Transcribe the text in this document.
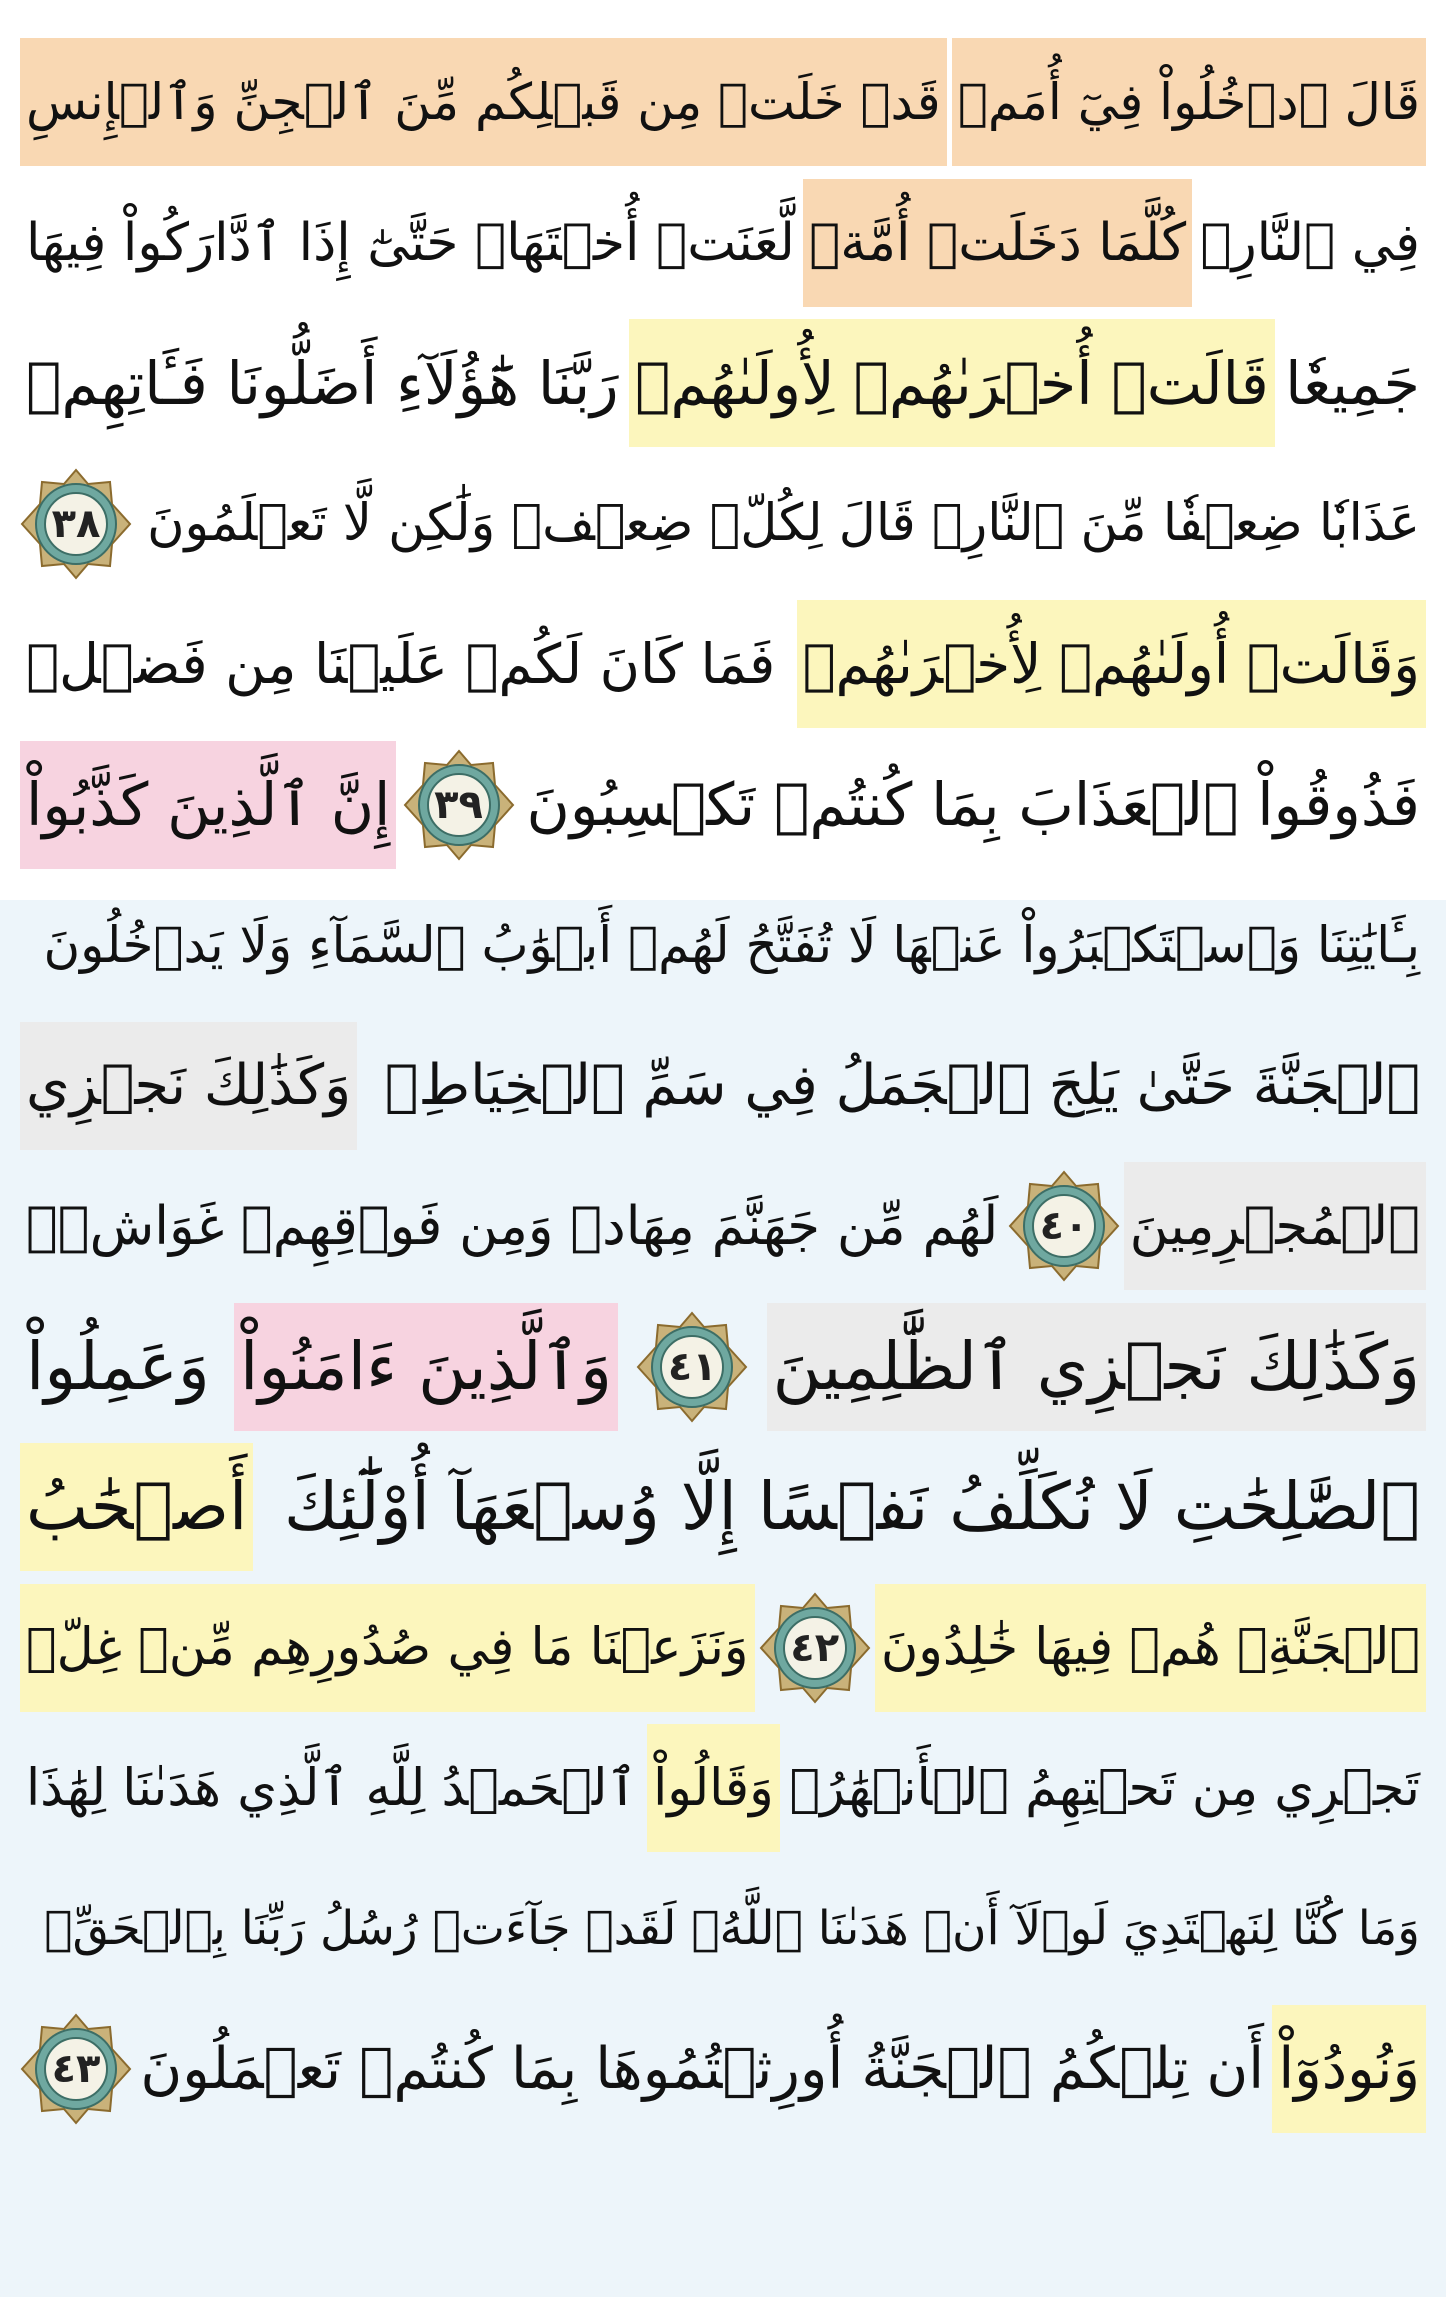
قَالَ ٱدۡخُلُواْ فِيٓ أُمَمٖ
قَدۡ خَلَتۡ مِن قَبۡلِكُم مِّنَ ٱلۡجِنِّ وَٱلۡإِنسِ
فِي ٱلنَّارِۖ
كُلَّمَا دَخَلَتۡ أُمَّةٞ
لَّعَنَتۡ أُخۡتَهَاۖ حَتَّىٰٓ إِذَا ٱدَّارَكُواْ فِيهَا
جَمِيعٗا
قَالَتۡ أُخۡرَىٰهُمۡ لِأُولَىٰهُمۡ
رَبَّنَا هَٰٓؤُلَآءِ أَضَلُّونَا فَـَٔاتِهِمۡ
عَذَابٗا ضِعۡفٗا مِّنَ ٱلنَّارِۖ قَالَ لِكُلّٖ ضِعۡفٞ وَلَٰكِن لَّا تَعۡلَمُونَ
٣٨
وَقَالَتۡ أُولَىٰهُمۡ لِأُخۡرَىٰهُمۡ
فَمَا كَانَ لَكُمۡ عَلَيۡنَا مِن فَضۡلٖ
فَذُوقُواْ ٱلۡعَذَابَ بِمَا كُنتُمۡ تَكۡسِبُونَ
٣٩
إِنَّ ٱلَّذِينَ كَذَّبُواْ
بِـَٔايَٰتِنَا وَٱسۡتَكۡبَرُواْ عَنۡهَا لَا تُفَتَّحُ لَهُمۡ أَبۡوَٰبُ ٱلسَّمَآءِ وَلَا يَدۡخُلُونَ
ٱلۡجَنَّةَ حَتَّىٰ يَلِجَ ٱلۡجَمَلُ فِي سَمِّ ٱلۡخِيَاطِۚ
وَكَذَٰلِكَ نَجۡزِي
ٱلۡمُجۡرِمِينَ
٤٠
لَهُم مِّن جَهَنَّمَ مِهَادٞ وَمِن فَوۡقِهِمۡ غَوَاشٖۚ
وَكَذَٰلِكَ نَجۡزِي ٱلظَّٰلِمِينَ
٤١
وَٱلَّذِينَ ءَامَنُواْ
وَعَمِلُواْ
ٱلصَّٰلِحَٰتِ لَا نُكَلِّفُ نَفۡسًا إِلَّا وُسۡعَهَآ أُوْلَٰٓئِكَ
أَصۡحَٰبُ
ٱلۡجَنَّةِۖ هُمۡ فِيهَا خَٰلِدُونَ
٤٢
وَنَزَعۡنَا مَا فِي صُدُورِهِم مِّنۡ غِلّٖ
تَجۡرِي مِن تَحۡتِهِمُ ٱلۡأَنۡهَٰرُۖ
وَقَالُواْ
ٱلۡحَمۡدُ لِلَّهِ ٱلَّذِي هَدَىٰنَا لِهَٰذَا
وَمَا كُنَّا لِنَهۡتَدِيَ لَوۡلَآ أَنۡ هَدَىٰنَا ٱللَّهُۖ لَقَدۡ جَآءَتۡ رُسُلُ رَبِّنَا بِٱلۡحَقِّۖ
وَنُودُوٓاْ
أَن تِلۡكُمُ ٱلۡجَنَّةُ أُورِثۡتُمُوهَا بِمَا كُنتُمۡ تَعۡمَلُونَ
٤٣
